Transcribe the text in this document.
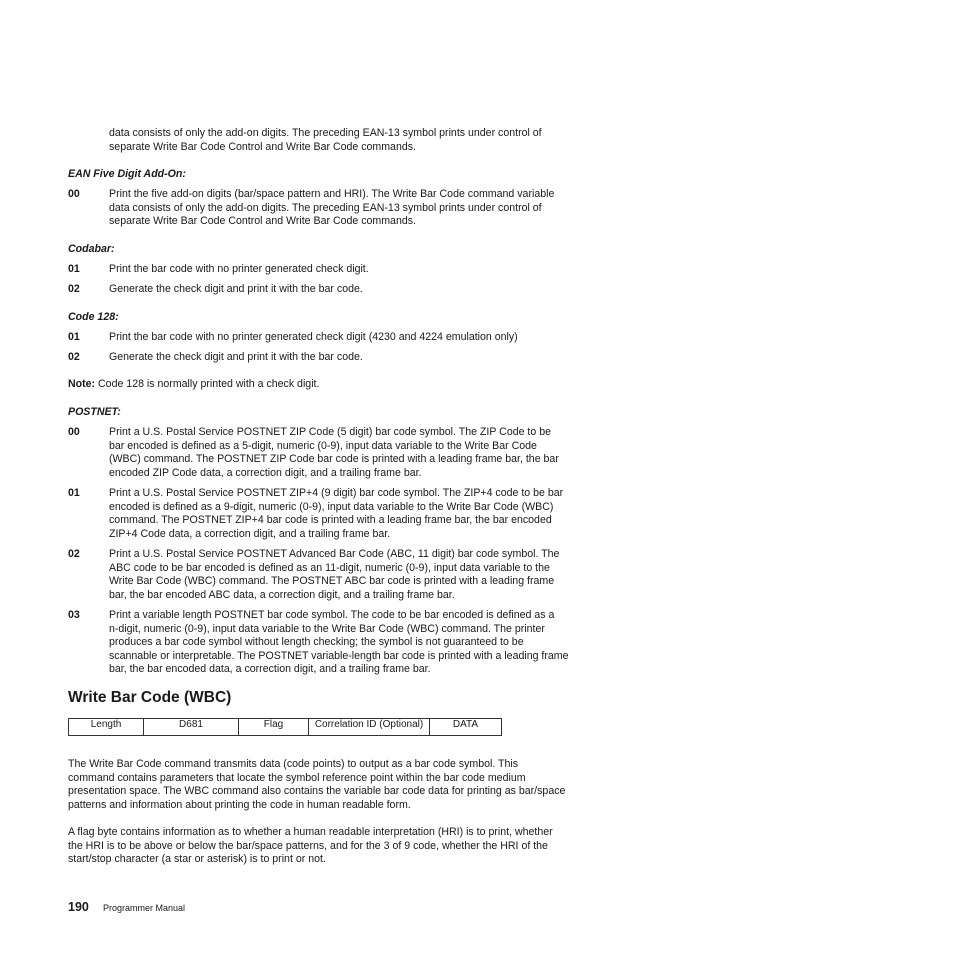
data consists of only the add-on digits. The preceding EAN-13 symbol prints under control of
separate Write Bar Code Control and Write Bar Code commands.
EAN Five Digit Add-On:
00	Print the five add-on digits (bar/space pattern and HRI). The Write Bar Code command variable
data consists of only the add-on digits. The preceding EAN-13 symbol prints under control of
separate Write Bar Code Control and Write Bar Code commands.
Codabar:
01	Print the bar code with no printer generated check digit.
02	Generate the check digit and print it with the bar code.
Code 128:
01	Print the bar code with no printer generated check digit (4230 and 4224 emulation only)
02	Generate the check digit and print it with the bar code.
Note: Code 128 is normally printed with a check digit.
POSTNET:
00	Print a U.S. Postal Service POSTNET ZIP Code (5 digit) bar code symbol. The ZIP Code to be
bar encoded is defined as a 5-digit, numeric (0-9), input data variable to the Write Bar Code
(WBC) command. The POSTNET ZIP Code bar code is printed with a leading frame bar, the bar
encoded ZIP Code data, a correction digit, and a trailing frame bar.
01	Print a U.S. Postal Service POSTNET ZIP+4 (9 digit) bar code symbol. The ZIP+4 code to be bar
encoded is defined as a 9-digit, numeric (0-9), input data variable to the Write Bar Code (WBC)
command. The POSTNET ZIP+4 bar code is printed with a leading frame bar, the bar encoded
ZIP+4 Code data, a correction digit, and a trailing frame bar.
02	Print a U.S. Postal Service POSTNET Advanced Bar Code (ABC, 11 digit) bar code symbol. The
ABC code to be bar encoded is defined as an 11-digit, numeric (0-9), input data variable to the
Write Bar Code (WBC) command. The POSTNET ABC bar code is printed with a leading frame
bar, the bar encoded ABC data, a correction digit, and a trailing frame bar.
03	Print a variable length POSTNET bar code symbol. The code to be bar encoded is defined as a
n-digit, numeric (0-9), input data variable to the Write Bar Code (WBC) command. The printer
produces a bar code symbol without length checking; the symbol is not guaranteed to be
scannable or interpretable. The POSTNET variable-length bar code is printed with a leading frame
bar, the bar encoded data, a correction digit, and a trailing frame bar.
Write Bar Code (WBC)
Length	D681	Flag	Correlation ID (Optional)	DATA
The Write Bar Code command transmits data (code points) to output as a bar code symbol. This
command contains parameters that locate the symbol reference point within the bar code medium
presentation space. The WBC command also contains the variable bar code data for printing as bar/space
patterns and information about printing the code in human readable form.
A flag byte contains information as to whether a human readable interpretation (HRI) is to print, whether
the HRI is to be above or below the bar/space patterns, and for the 3 of 9 code, whether the HRI of the
start/stop character (a star or asterisk) is to print or not.
190 Programmer Manual
